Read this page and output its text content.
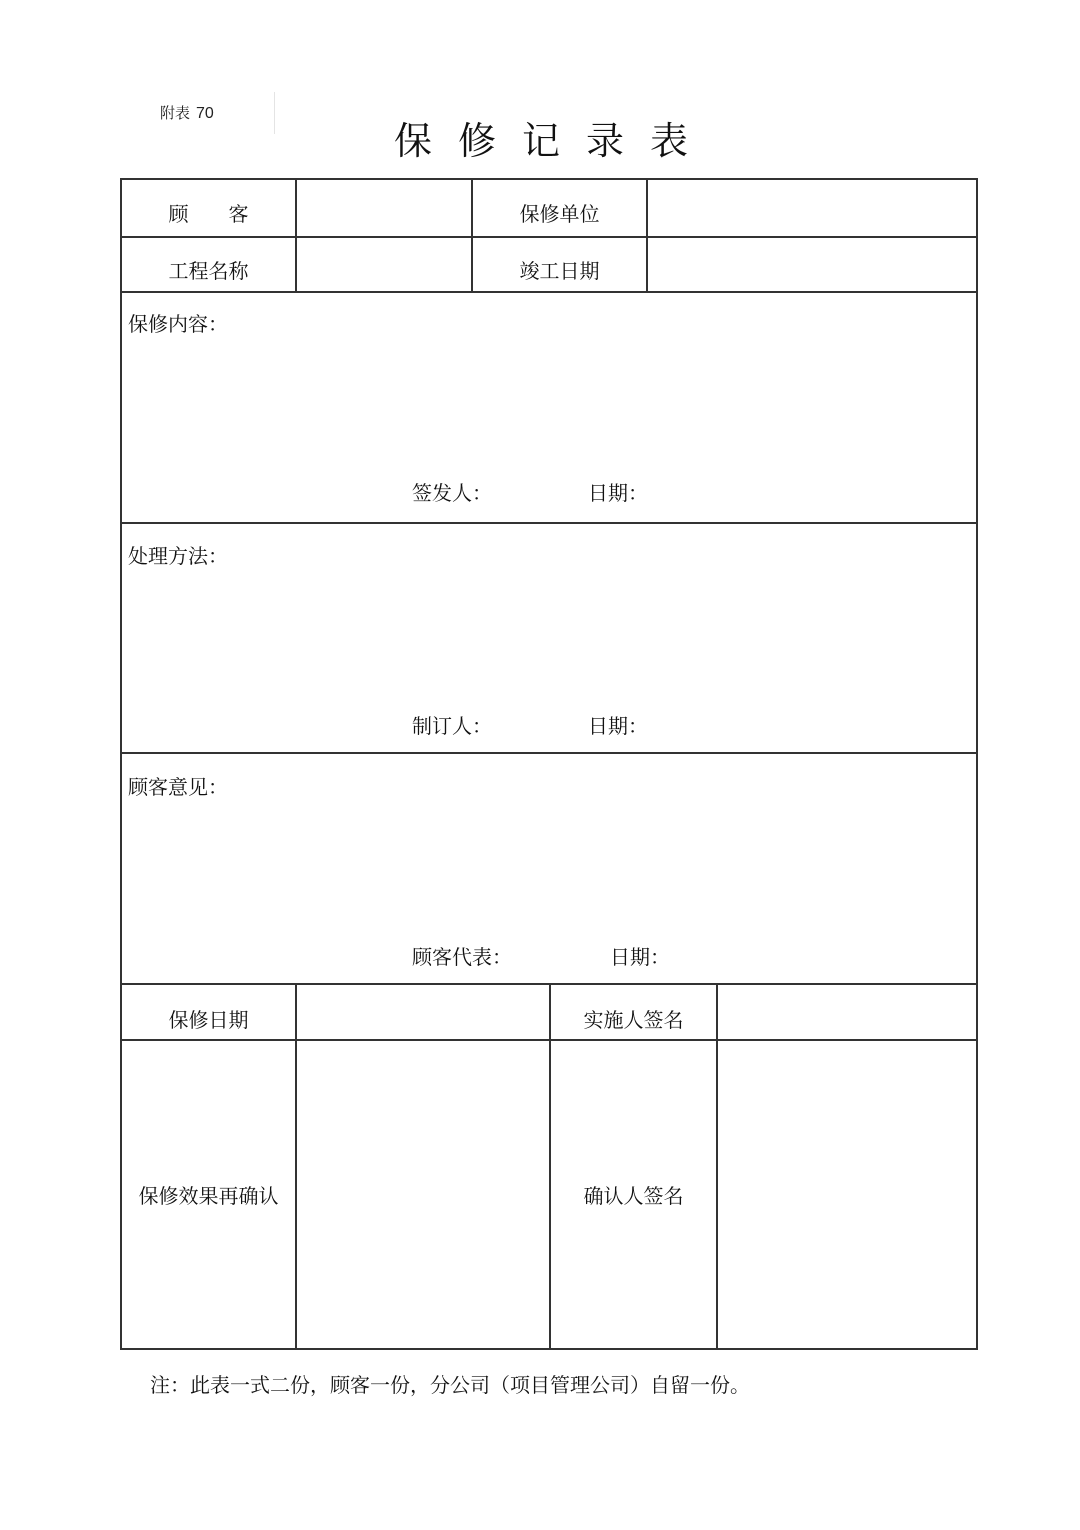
附表 70
保修记录表
顾　　客	保修单位
工程名称	竣工日期
保修内容：
签发人：	日期：
处理方法：
制订人：	日期：
顾客意见：
顾客代表：	日期：
保修日期	实施人签名
保修效果再确认	确认人签名
注：此表一式二份，顾客一份，分公司（项目管理公司）自留一份。
